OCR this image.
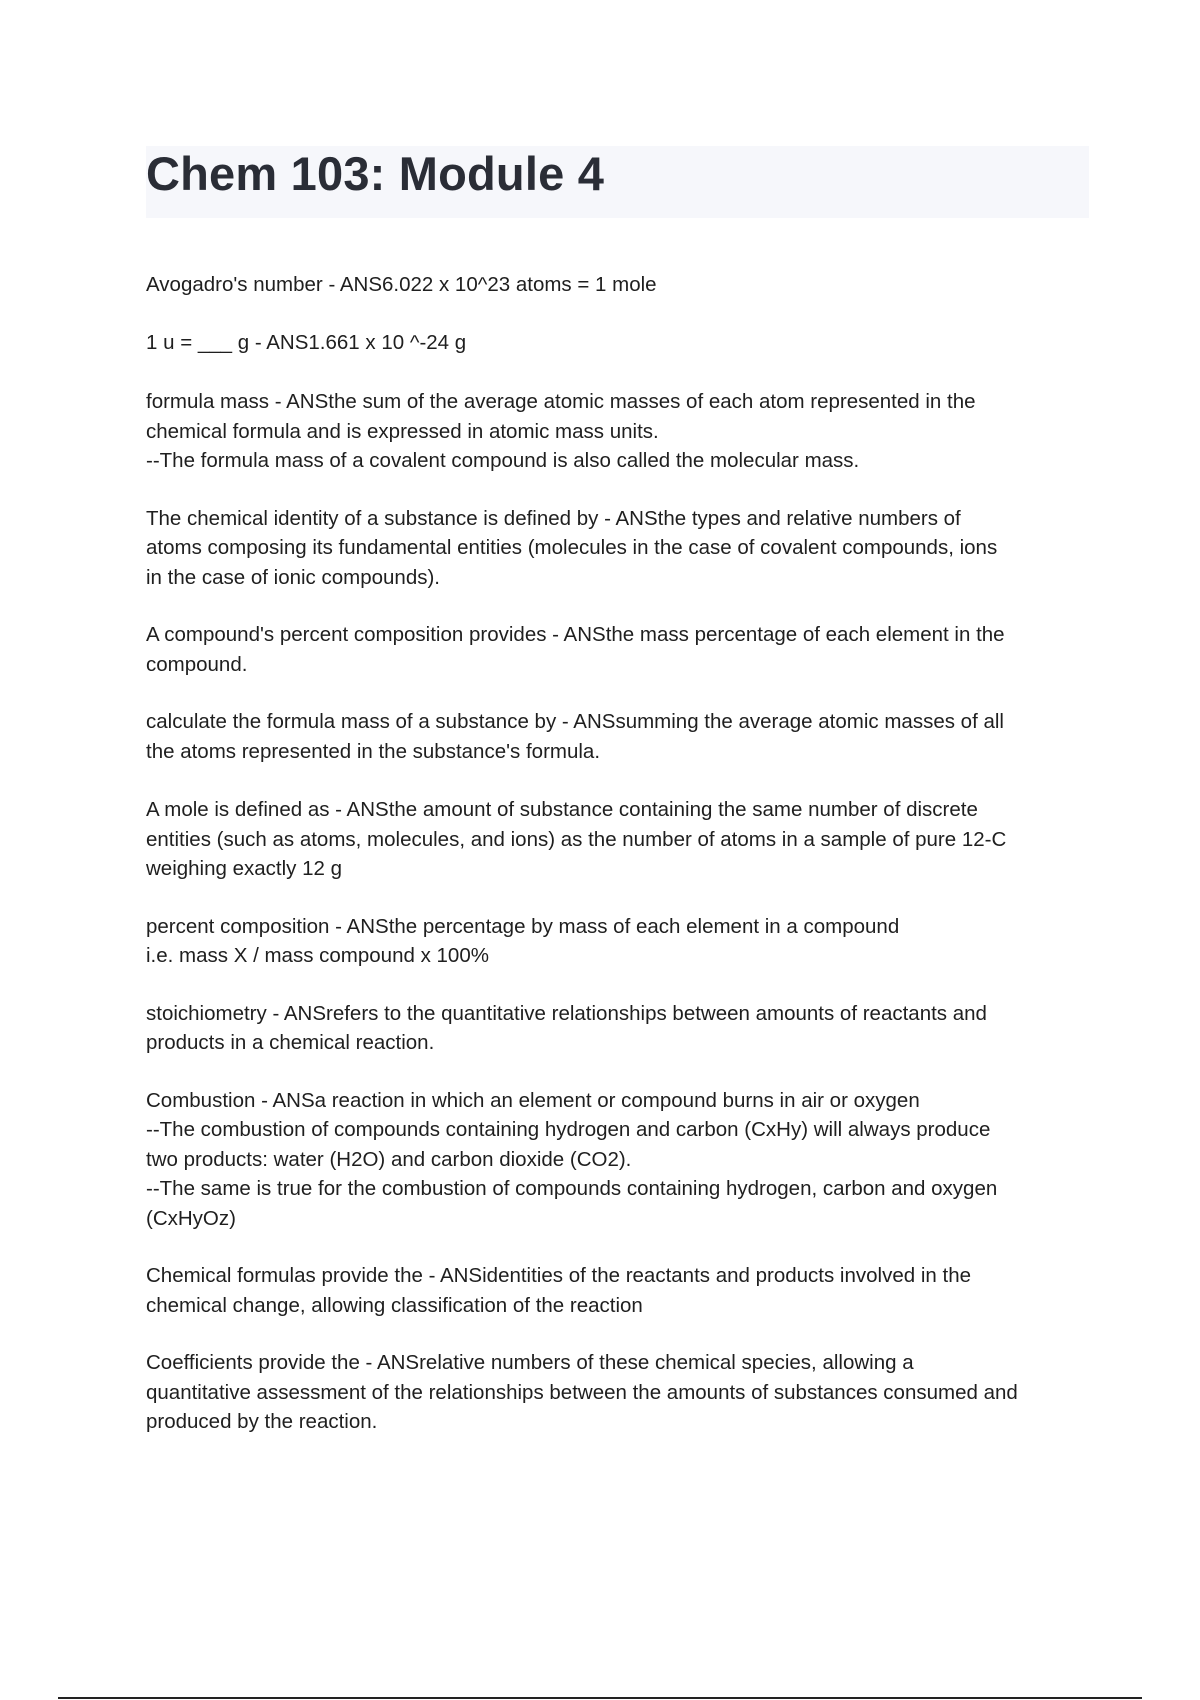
Chem 103: Module 4

Avogadro's number - ANS6.022 x 10^23 atoms = 1 mole

1 u = ___ g - ANS1.661 x 10 ^-24 g

formula mass - ANSthe sum of the average atomic masses of each atom represented in the
chemical formula and is expressed in atomic mass units.
--The formula mass of a covalent compound is also called the molecular mass.

The chemical identity of a substance is defined by - ANSthe types and relative numbers of
atoms composing its fundamental entities (molecules in the case of covalent compounds, ions
in the case of ionic compounds).

A compound's percent composition provides - ANSthe mass percentage of each element in the
compound.

calculate the formula mass of a substance by - ANSsumming the average atomic masses of all
the atoms represented in the substance's formula.

A mole is defined as - ANSthe amount of substance containing the same number of discrete
entities (such as atoms, molecules, and ions) as the number of atoms in a sample of pure 12-C
weighing exactly 12 g

percent composition - ANSthe percentage by mass of each element in a compound
i.e. mass X / mass compound x 100%

stoichiometry - ANSrefers to the quantitative relationships between amounts of reactants and
products in a chemical reaction.

Combustion - ANSa reaction in which an element or compound burns in air or oxygen
--The combustion of compounds containing hydrogen and carbon (CxHy) will always produce
two products: water (H2O) and carbon dioxide (CO2).
--The same is true for the combustion of compounds containing hydrogen, carbon and oxygen
(CxHyOz)

Chemical formulas provide the - ANSidentities of the reactants and products involved in the
chemical change, allowing classification of the reaction

Coefficients provide the - ANSrelative numbers of these chemical species, allowing a
quantitative assessment of the relationships between the amounts of substances consumed and
produced by the reaction.
